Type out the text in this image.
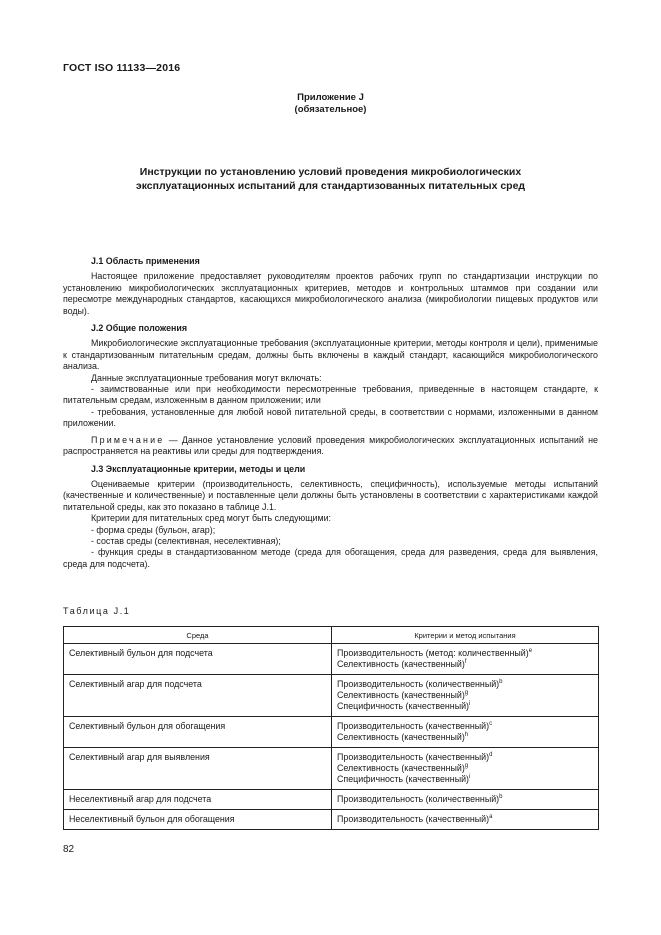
ГОСТ ISO 11133—2016
Приложение J
(обязательное)
Инструкции по установлению условий проведения микробиологических
эксплуатационных испытаний для стандартизованных питательных сред
J.1 Область применения

Настоящее приложение предоставляет руководителям проектов рабочих групп по стандартизации инструкции по установлению микробиологических эксплуатационных критериев, методов и контрольных штаммов при создании или пересмотре международных стандартов, касающихся микробиологического анализа (микробиологии пищевых продуктов или воды).

J.2 Общие положения

Микробиологические эксплуатационные требования (эксплуатационные критерии, методы контроля и цели), применимые к стандартизованным питательным средам, должны быть включены в каждый стандарт, касающийся микробиологического анализа.

Данные эксплуатационные требования могут включать:

- заимствованные или при необходимости пересмотренные требования, приведенные в настоящем стандарте, к питательным средам, изложенным в данном приложении; или

- требования, установленные для любой новой питательной среды, в соответствии с нормами, изложенными в данном приложении.

Примечание — Данное установление условий проведения микробиологических эксплуатационных испытаний не распространяется на реактивы или среды для подтверждения.

J.3 Эксплуатационные критерии, методы и цели

Оцениваемые критерии (производительность, селективность, специфичность), используемые методы испытаний (качественные и количественные) и поставленные цели должны быть установлены в соответствии с характеристиками каждой питательной среды, как это показано в таблице J.1.

Критерии для питательных сред могут быть следующими:

- форма среды (бульон, агар);

- состав среды (селективная, неселективная);

- функция среды в стандартизованном методе (среда для обогащения, среда для разведения, среда для выявления, среда для подсчета).

Таблица J.1
Среда	Критерии и метод испытания
Селективный бульон для подсчета	Производительность (метод: количественный)$^e$
Селективность (качественный)$^f$

Селективный агар для подсчета	Производительность (количественный)$^b$
Селективность (качественный)$^g$
Специфичность (качественный)$^i$

Селективный бульон для обогащения	Производительность (качественный)$^c$
Селективность (качественный)$^h$

Селективный агар для выявления	Производительность (качественный)$^d$
Селективность (качественный)$^g$
Специфичность (качественный)$^i$

Неселективный агар для подсчета	Производительность (количественный)$^b$

Неселективный бульон для обогащения	Производительность (качественный)$^a$
82
